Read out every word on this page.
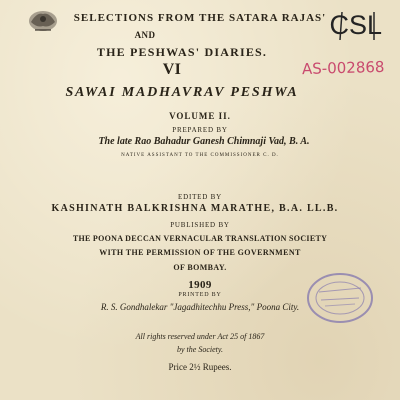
CSL
AS-002868
SELECTIONS FROM THE SATARA RAJAS'
AND
THE PESHWAS' DIARIES.
VI
SAWAI MADHAVRAV PESHWA
VOLUME II.
PREPARED BY
The late Rao Bahadur Ganesh Chimnaji Vad, B. A.
NATIVE ASSISTANT TO THE COMMISSIONER C. D.
EDITED BY
KASHINATH BALKRISHNA MARATHE, B.A. LL.B.
PUBLISHED BY
THE POONA DECCAN VERNACULAR TRANSLATION SOCIETY
WITH THE PERMISSION OF THE GOVERNMENT
OF BOMBAY.
1909
PRINTED BY
R. S. Gondhalekar "Jagadhitechhu Press," Poona City.
All rights reserved under Act 25 of 1867
by the Society.
Price 2½ Rupees.
